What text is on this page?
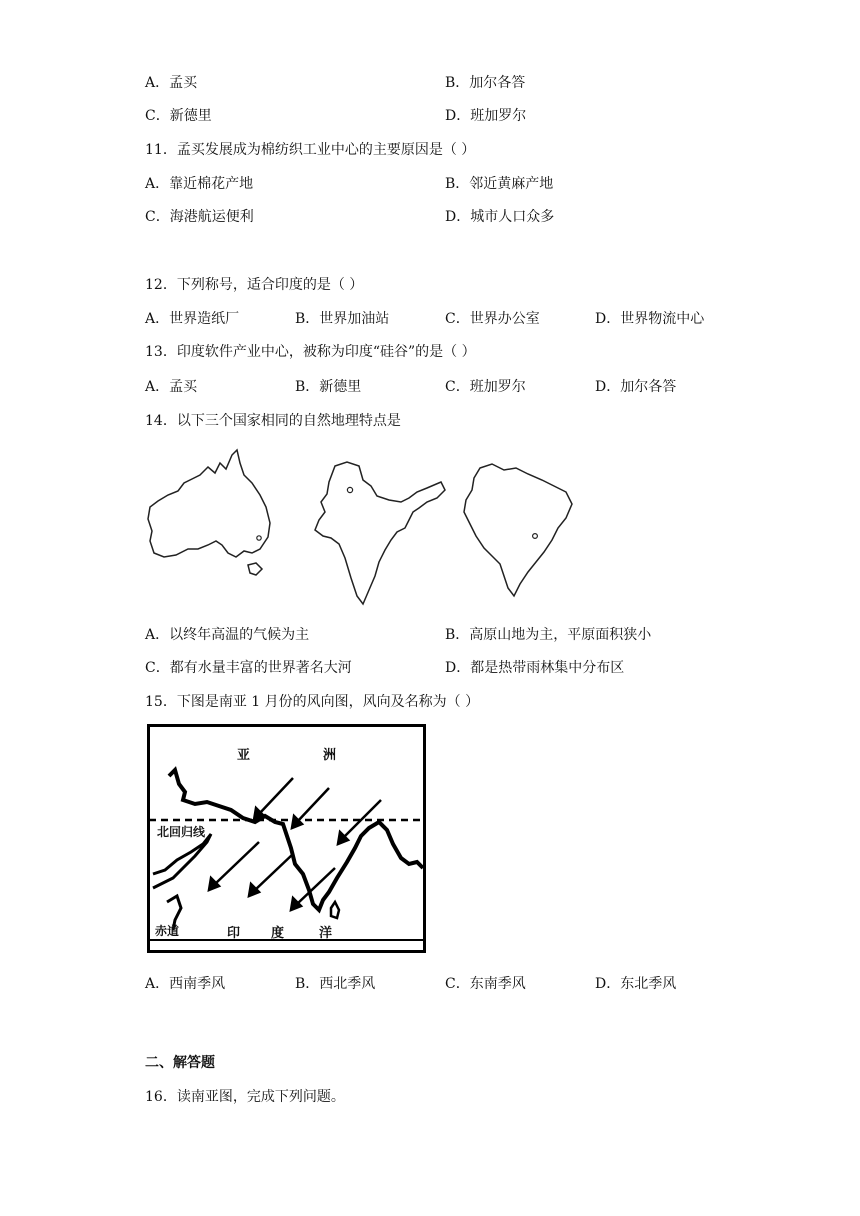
A．孟买	B．加尔各答
C．新德里	D．班加罗尔
11．孟买发展成为棉纺织工业中心的主要原因是（ ）
A．靠近棉花产地	B．邻近黄麻产地
C．海港航运便利	D．城市人口众多
12．下列称号，适合印度的是（ ）
A．世界造纸厂	B．世界加油站	C．世界办公室	D．世界物流中心
13．印度软件产业中心，被称为印度“硅谷”的是（ ）
A．孟买	B．新德里	C．班加罗尔	D．加尔各答
14．以下三个国家相同的自然地理特点是
A．以终年高温的气候为主	B．高原山地为主，平原面积狭小
C．都有水量丰富的世界著名大河	D．都是热带雨林集中分布区
15．下图是南亚 1 月份的风向图，风向及名称为（ ）
亚	洲
北回归线
赤道	印 度	洋
A．西南季风	B．西北季风	C．东南季风	D．东北季风
二、解答题
16．读南亚图，完成下列问题。
